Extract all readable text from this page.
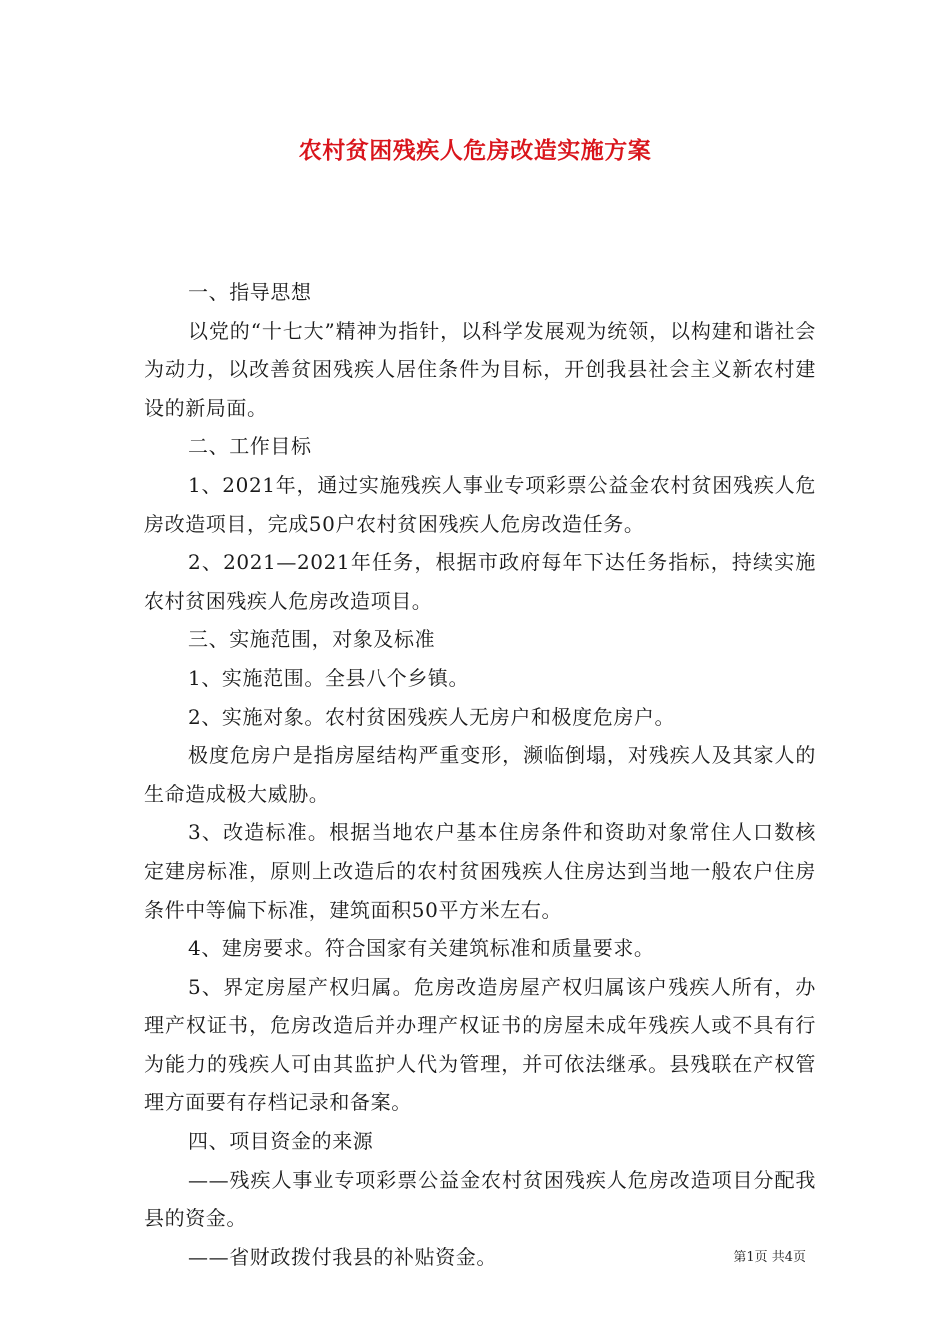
农村贫困残疾人危房改造实施方案

一、指导思想

以党的“十七大”精神为指针，以科学发展观为统领，以构建和谐社会为动力，以改善贫困残疾人居住条件为目标，开创我县社会主义新农村建设的新局面。

二、工作目标

1、2021年，通过实施残疾人事业专项彩票公益金农村贫困残疾人危房改造项目，完成50户农村贫困残疾人危房改造任务。

2、2021—2021年任务，根据市政府每年下达任务指标，持续实施农村贫困残疾人危房改造项目。

三、实施范围，对象及标准

1、实施范围。全县八个乡镇。

2、实施对象。农村贫困残疾人无房户和极度危房户。

极度危房户是指房屋结构严重变形，濒临倒塌，对残疾人及其家人的生命造成极大威胁。

3、改造标准。根据当地农户基本住房条件和资助对象常住人口数核定建房标准，原则上改造后的农村贫困残疾人住房达到当地一般农户住房条件中等偏下标准，建筑面积50平方米左右。

4、建房要求。符合国家有关建筑标准和质量要求。

5、界定房屋产权归属。危房改造房屋产权归属该户残疾人所有，办理产权证书，危房改造后并办理产权证书的房屋未成年残疾人或不具有行为能力的残疾人可由其监护人代为管理，并可依法继承。县残联在产权管理方面要有存档记录和备案。

四、项目资金的来源

——残疾人事业专项彩票公益金农村贫困残疾人危房改造项目分配我县的资金。

——省财政拨付我县的补贴资金。	第1页 共4页
